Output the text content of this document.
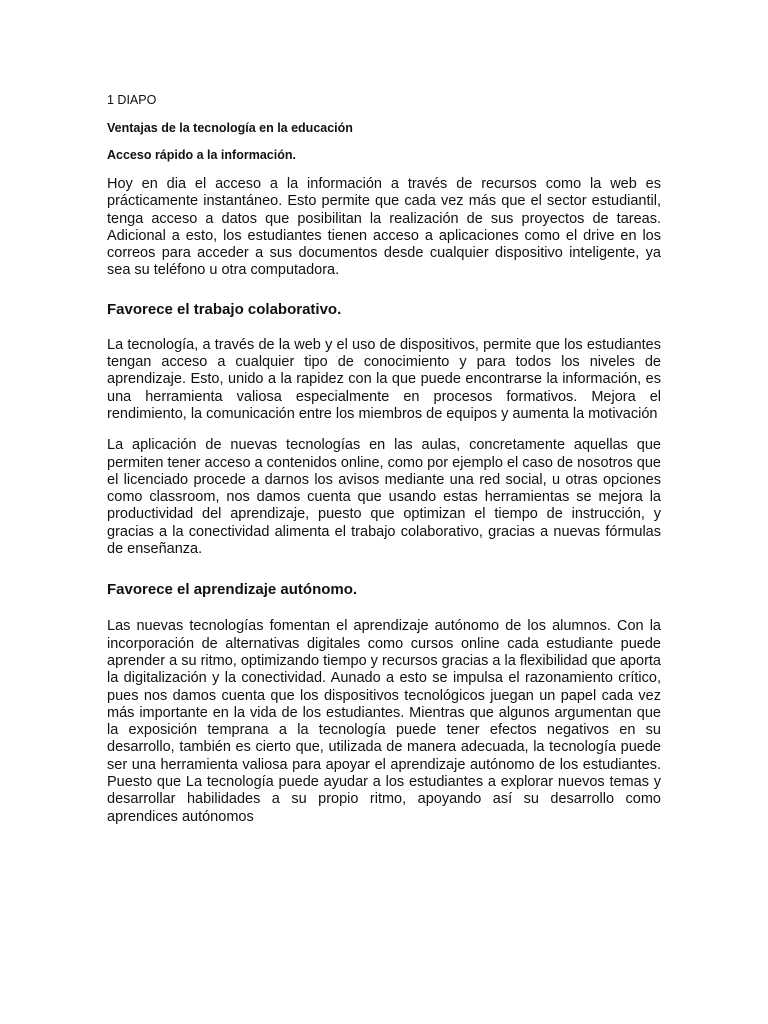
1 DIAPO

Ventajas de la tecnología en la educación

Acceso rápido a la información.

Hoy en dia el acceso a la información a través de recursos como la web es prácticamente instantáneo. Esto permite que cada vez más que el sector estudiantil, tenga acceso a datos que posibilitan la realización de sus proyectos de tareas. Adicional a esto, los estudiantes tienen acceso a aplicaciones como el drive en los correos para acceder a sus documentos desde cualquier dispositivo inteligente, ya sea su teléfono u otra computadora.

Favorece el trabajo colaborativo.

La tecnología, a través de la web y el uso de dispositivos, permite que los estudiantes tengan acceso a cualquier tipo de conocimiento y para todos los niveles de aprendizaje. Esto, unido a la rapidez con la que puede encontrarse la información, es una herramienta valiosa especialmente en procesos formativos. Mejora el rendimiento, la comunicación entre los miembros de equipos y aumenta la motivación

La aplicación de nuevas tecnologías en las aulas, concretamente aquellas que permiten tener acceso a contenidos online, como por ejemplo el caso de nosotros que el licenciado procede a darnos los avisos mediante una red social, u otras opciones como classroom, nos damos cuenta que usando estas herramientas se mejora la productividad del aprendizaje, puesto que optimizan el tiempo de instrucción, y gracias a la conectividad alimenta el trabajo colaborativo, gracias a nuevas fórmulas de enseñanza.

Favorece el aprendizaje autónomo.

Las nuevas tecnologías fomentan el aprendizaje autónomo de los alumnos. Con la incorporación de alternativas digitales como cursos online cada estudiante puede aprender a su ritmo, optimizando tiempo y recursos gracias a la flexibilidad que aporta la digitalización y la conectividad. Aunado a esto se impulsa el razonamiento crítico, pues nos damos cuenta que los dispositivos tecnológicos juegan un papel cada vez más importante en la vida de los estudiantes. Mientras que algunos argumentan que la exposición temprana a la tecnología puede tener efectos negativos en su desarrollo, también es cierto que, utilizada de manera adecuada, la tecnología puede ser una herramienta valiosa para apoyar el aprendizaje autónomo de los estudiantes. Puesto que La tecnología puede ayudar a los estudiantes a explorar nuevos temas y desarrollar habilidades a su propio ritmo, apoyando así su desarrollo como aprendices autónomos
